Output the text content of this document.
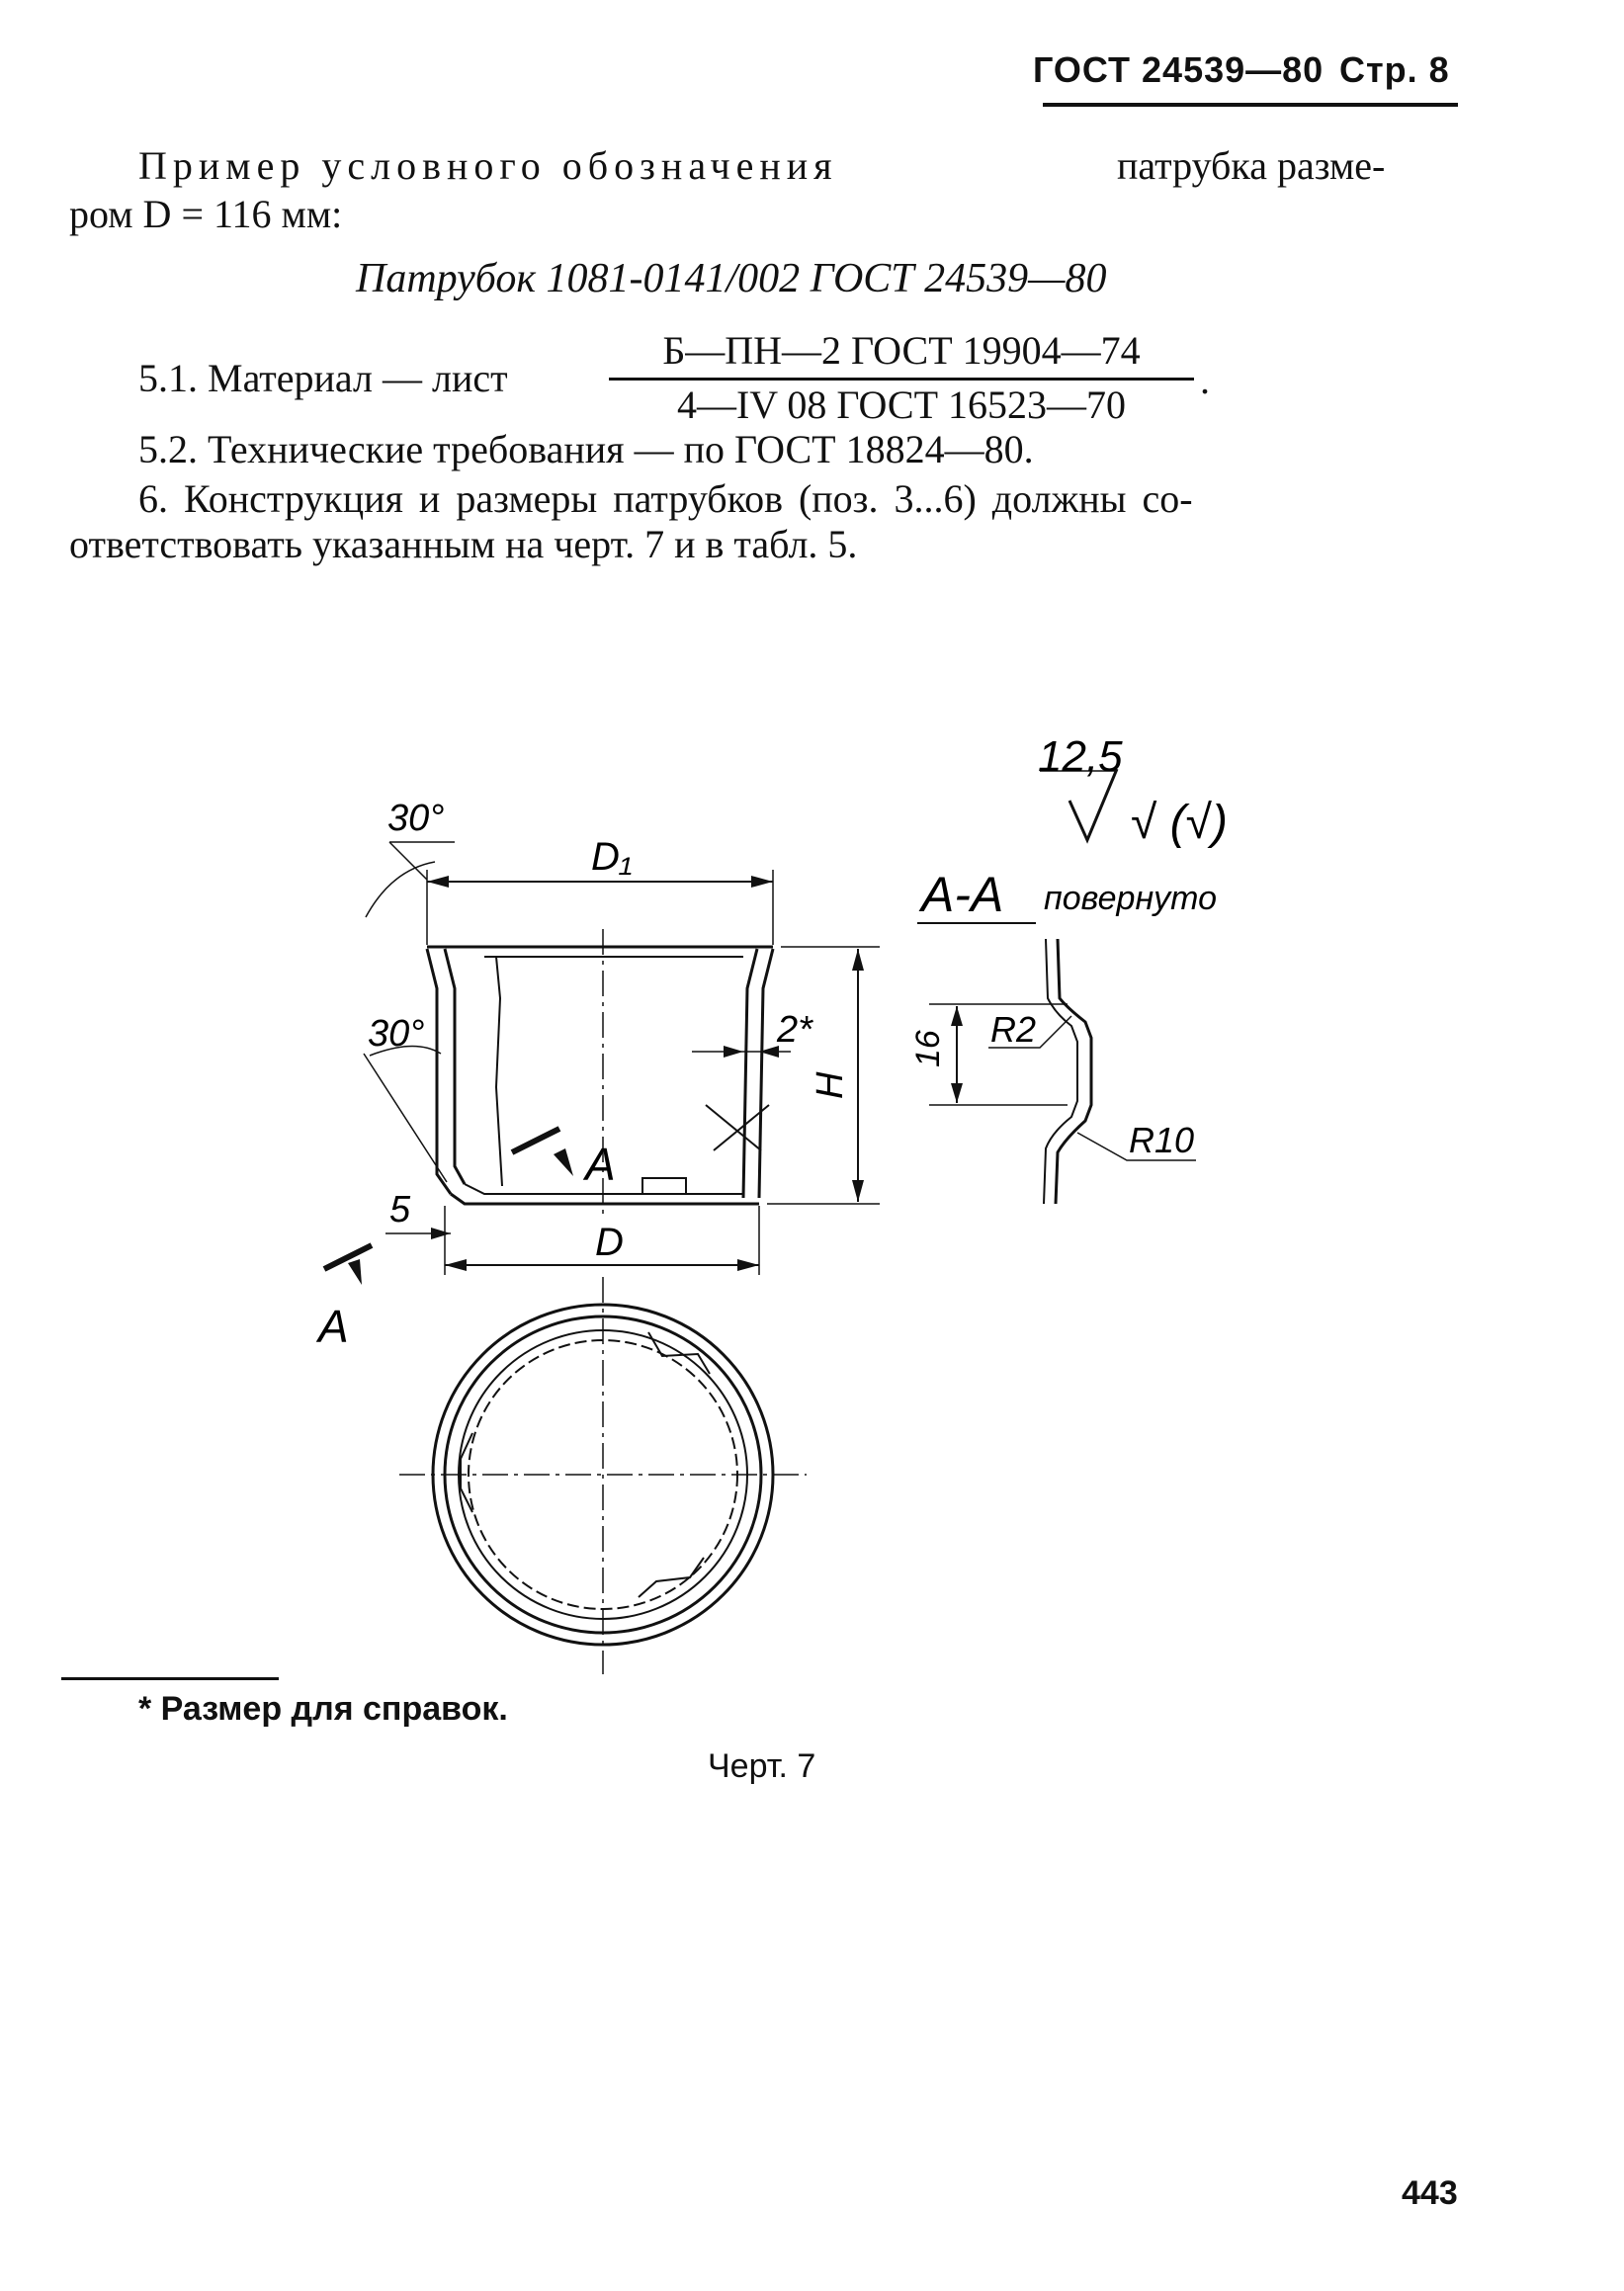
ГОСТ 24539—80 Стр. 8
Пример условного обозначения	патрубка разме-
ром D = 116 мм:
Патрубок 1081-0141/002 ГОСТ 24539—80
5.1. Материал — лист
Б—ПН—2 ГОСТ 19904—74
4—IV 08 ГОСТ 16523—70
.
5.2. Технические требования — по ГОСТ 18824—80.
6. Конструкция и размеры патрубков (поз. 3...6) должны со-
ответствовать указанным на черт. 7 и в табл. 5.
30°
30°
D₁
D
H
2*
5
A
A
12,5
√ (√)
А-А повернуто
16 R2
R10
* Размер для справок.
Черт. 7
443
